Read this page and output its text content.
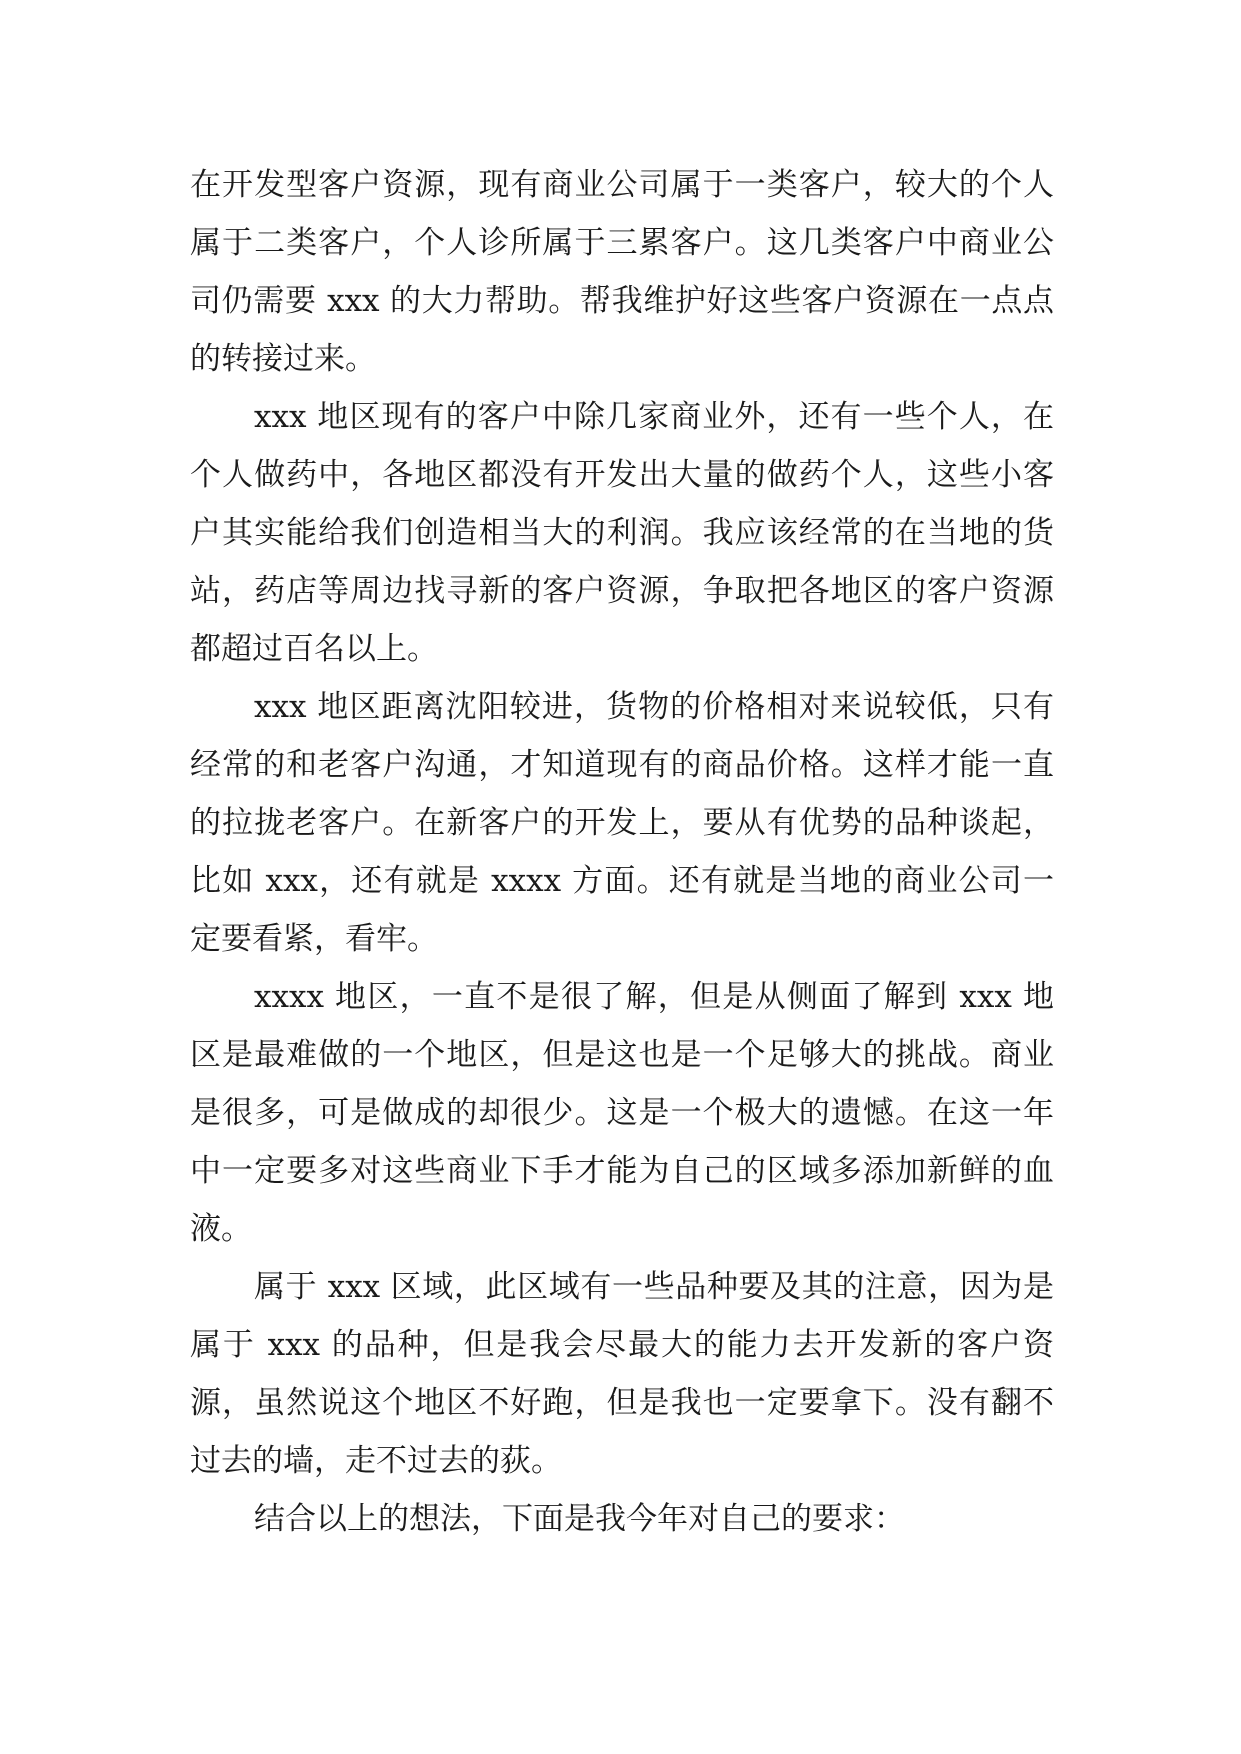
在开发型客户资源，现有商业公司属于一类客户，较大的个人属于二类客户，个人诊所属于三累客户。这几类客户中商业公司仍需要 xxx 的大力帮助。帮我维护好这些客户资源在一点点的转接过来。

xxx 地区现有的客户中除几家商业外，还有一些个人，在个人做药中，各地区都没有开发出大量的做药个人，这些小客户其实能给我们创造相当大的利润。我应该经常的在当地的货站，药店等周边找寻新的客户资源，争取把各地区的客户资源都超过百名以上。

xxx 地区距离沈阳较进，货物的价格相对来说较低，只有经常的和老客户沟通，才知道现有的商品价格。这样才能一直的拉拢老客户。在新客户的开发上，要从有优势的品种谈起，比如 xxx，还有就是 xxxx 方面。还有就是当地的商业公司一定要看紧，看牢。

xxxx 地区，一直不是很了解，但是从侧面了解到 xxx 地区是最难做的一个地区，但是这也是一个足够大的挑战。商业是很多，可是做成的却很少。这是一个极大的遗憾。在这一年中一定要多对这些商业下手才能为自己的区域多添加新鲜的血液。

属于 xxx 区域，此区域有一些品种要及其的注意，因为是属于 xxx 的品种，但是我会尽最大的能力去开发新的客户资源，虽然说这个地区不好跑，但是我也一定要拿下。没有翻不过去的墙，走不过去的荻。

结合以上的想法，下面是我今年对自己的要求：
